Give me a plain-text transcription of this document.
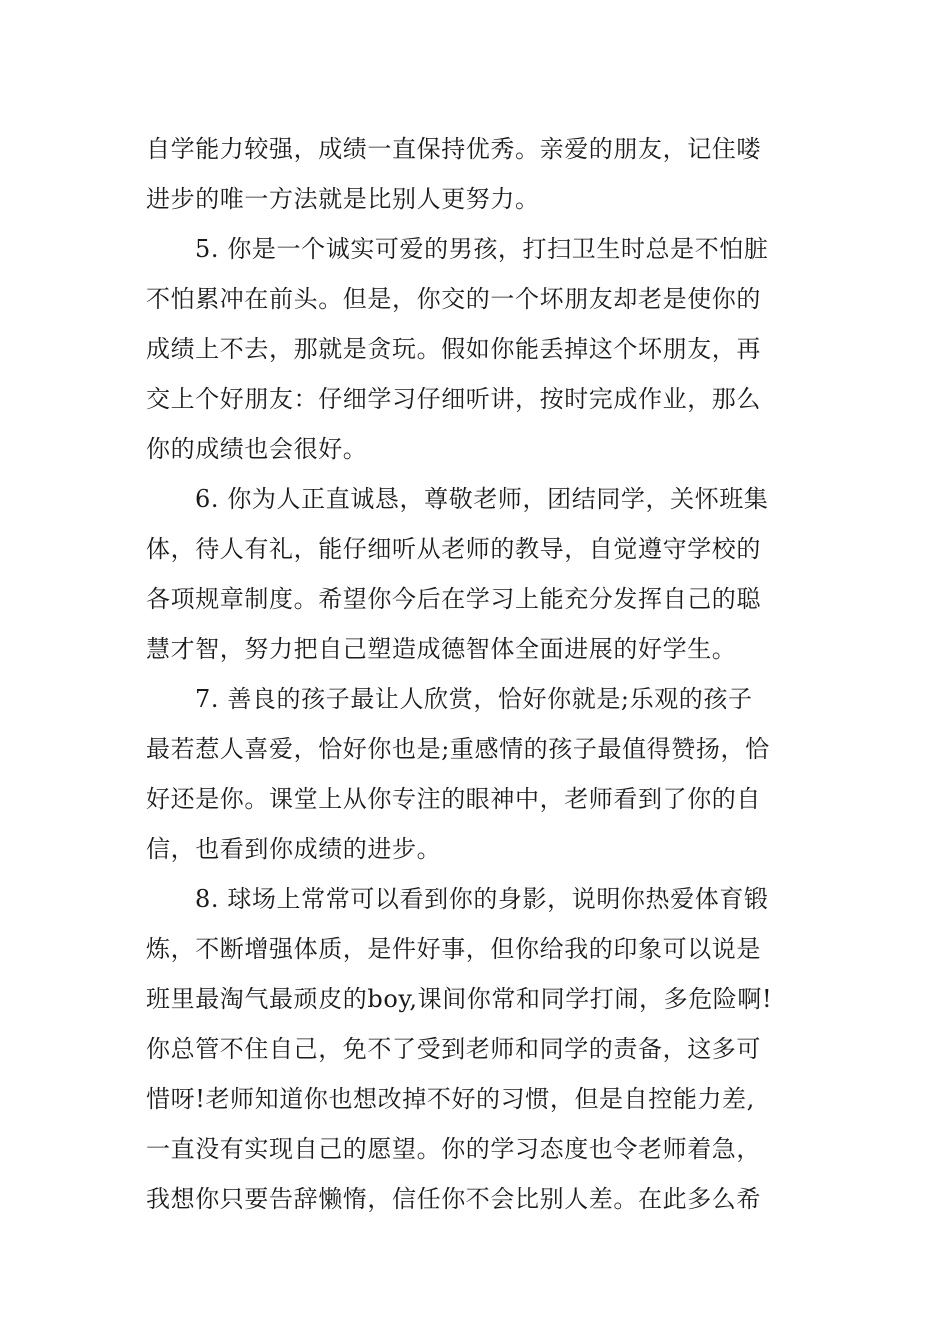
自学能力较强，成绩一直保持优秀。亲爱的朋友，记住喽
进步的唯一方法就是比别人更努力。
5. 你是一个诚实可爱的男孩，打扫卫生时总是不怕脏
不怕累冲在前头。但是，你交的一个坏朋友却老是使你的
成绩上不去，那就是贪玩。假如你能丢掉这个坏朋友，再
交上个好朋友：仔细学习仔细听讲，按时完成作业，那么
你的成绩也会很好。
6. 你为人正直诚恳，尊敬老师，团结同学，关怀班集
体，待人有礼，能仔细听从老师的教导，自觉遵守学校的
各项规章制度。希望你今后在学习上能充分发挥自己的聪
慧才智，努力把自己塑造成德智体全面进展的好学生。
7. 善良的孩子最让人欣赏，恰好你就是;乐观的孩子
最若惹人喜爱，恰好你也是;重感情的孩子最值得赞扬，恰
好还是你。课堂上从你专注的眼神中，老师看到了你的自
信，也看到你成绩的进步。
8. 球场上常常可以看到你的身影，说明你热爱体育锻
炼，不断增强体质，是件好事，但你给我的印象可以说是
班里最淘气最顽皮的boy,课间你常和同学打闹，多危险啊!
你总管不住自己，免不了受到老师和同学的责备，这多可
惜呀!老师知道你也想改掉不好的习惯，但是自控能力差,
一直没有实现自己的愿望。你的学习态度也令老师着急，
我想你只要告辞懒惰，信任你不会比别人差。在此多么希
